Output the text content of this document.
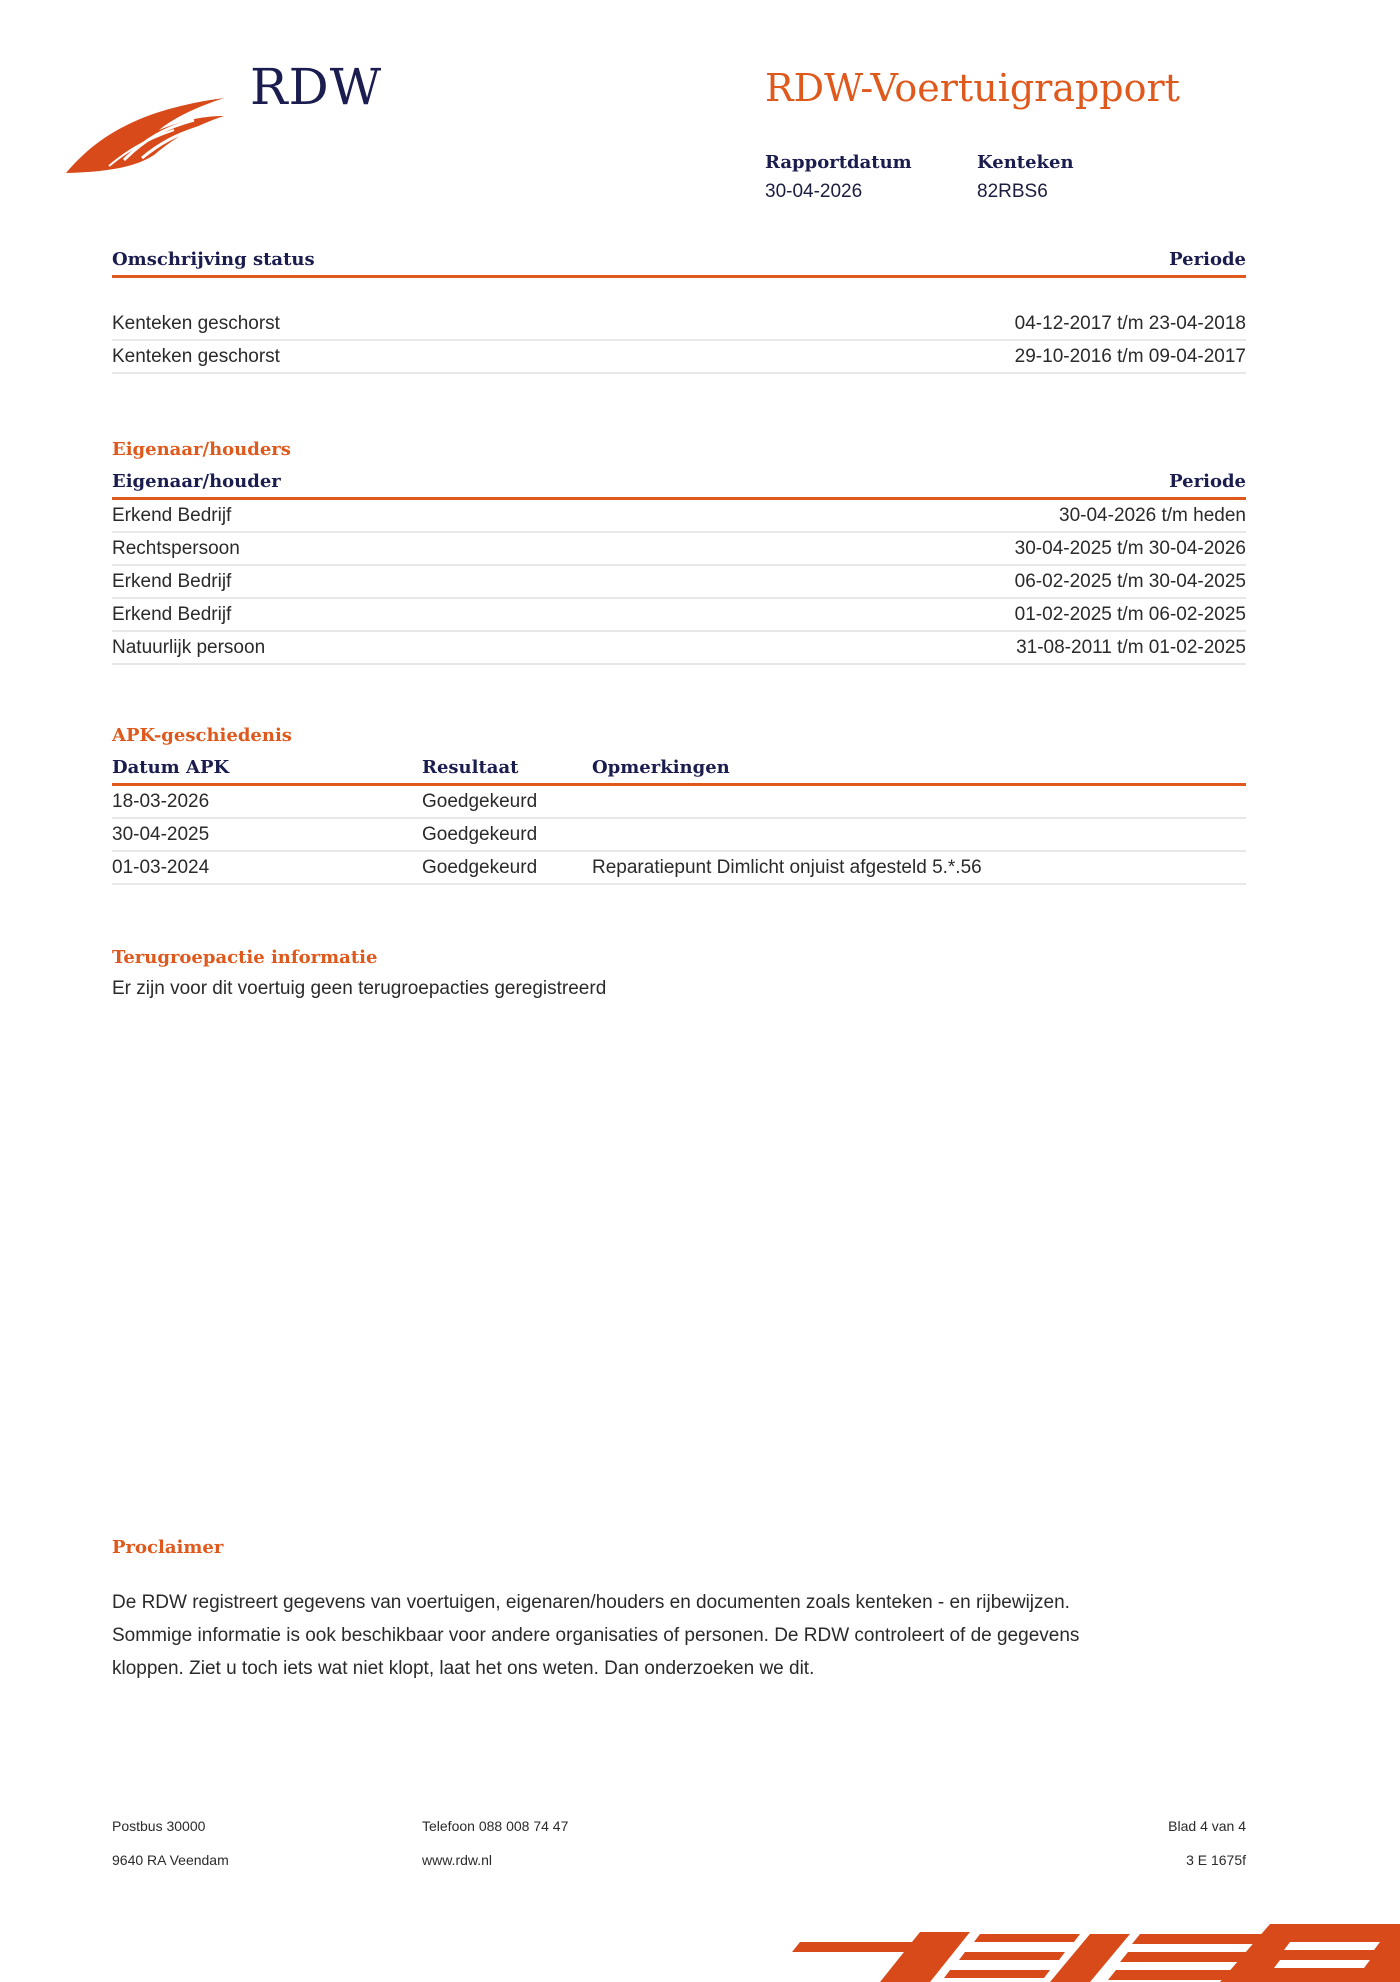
RDW	RDW-Voertuigrapport
Rapportdatum
30-04-2026
Kenteken
82RBS6
Omschrijving status	Periode
Kenteken geschorst	04-12-2017 t/m 23-04-2018
Kenteken geschorst	29-10-2016 t/m 09-04-2017
Eigenaar/houders
Eigenaar/houder	Periode
Erkend Bedrijf	30-04-2026 t/m heden
Rechtspersoon	30-04-2025 t/m 30-04-2026
Erkend Bedrijf	06-02-2025 t/m 30-04-2025
Erkend Bedrijf	01-02-2025 t/m 06-02-2025
Natuurlijk persoon	31-08-2011 t/m 01-02-2025
APK-geschiedenis
Datum APK	Resultaat	Opmerkingen
18-03-2026	Goedgekeurd
30-04-2025	Goedgekeurd
01-03-2024	Goedgekeurd	Reparatiepunt Dimlicht onjuist afgesteld 5.*.56
Terugroepactie informatie
Er zijn voor dit voertuig geen terugroepacties geregistreerd
Proclaimer
De RDW registreert gegevens van voertuigen, eigenaren/houders en documenten zoals kenteken - en rijbewijzen.
Sommige informatie is ook beschikbaar voor andere organisaties of personen. De RDW controleert of de gegevens
kloppen. Ziet u toch iets wat niet klopt, laat het ons weten. Dan onderzoeken we dit.
Postbus 30000
9640 RA Veendam
Telefoon 088 008 74 47
www.rdw.nl
Blad 4 van 4
3 E 1675f
